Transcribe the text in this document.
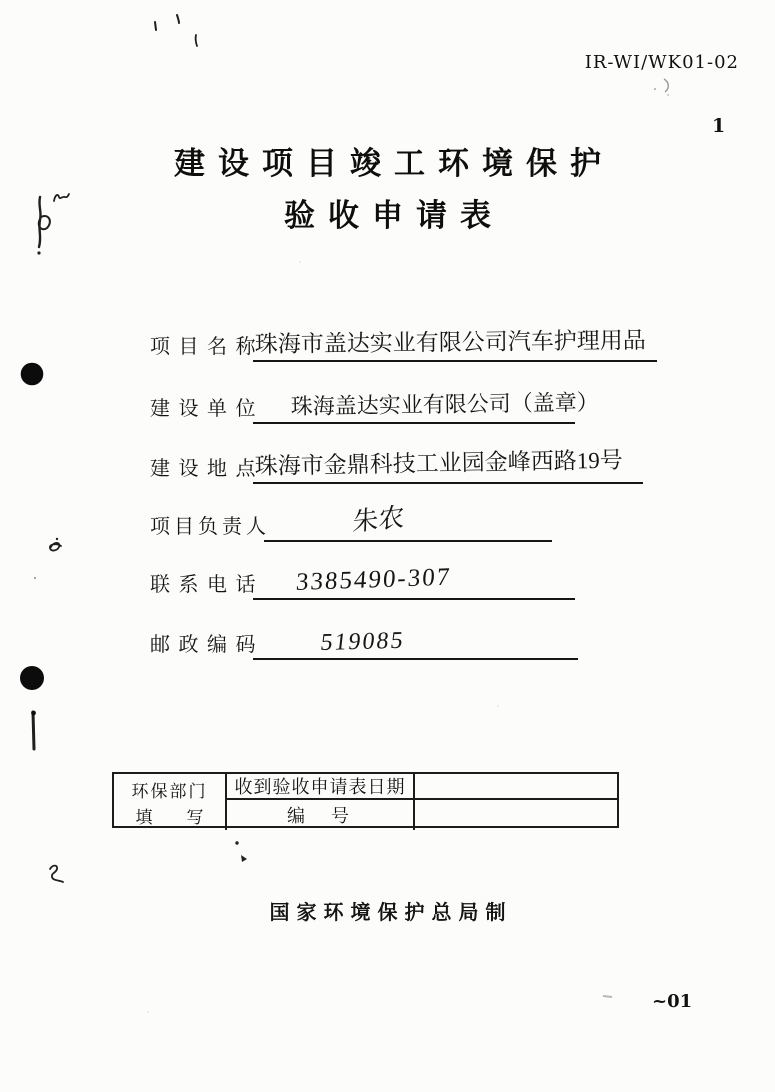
IR-WI/WK01-02
1
建设项目竣工环境保护
验收申请表
项目名称
珠海市盖达实业有限公司汽车护理用品
建设单位 珠海盖达实业有限公司（盖章）
建设地点
珠海市金鼎科技工业园金峰西路19号
项目负责人	朱农
联系电话 3385490-307
邮政编码 519085
环保部门
填　　写
收到验收申请表日期
编　号
国家环境保护总局制
~01
